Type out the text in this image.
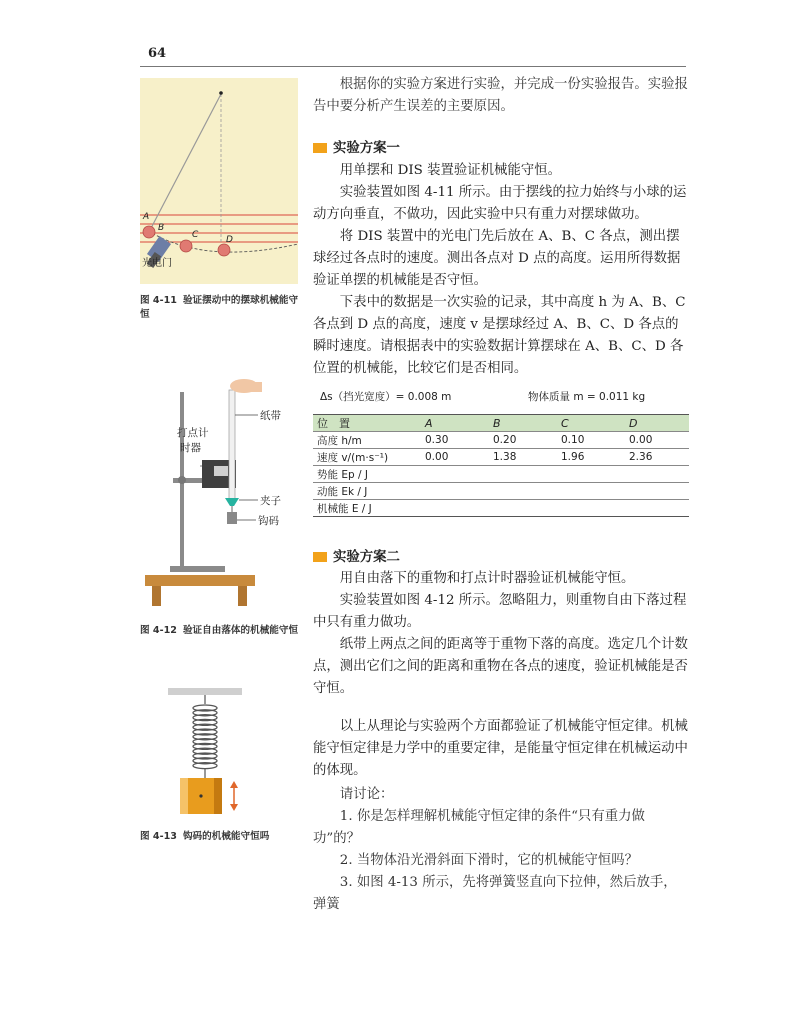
64
A
B
C	D
光电门
图 4-11 验证摆动中的摆球机械能守恒
打点计
时器
纸带
夹子
钩码
图 4-12 验证自由落体的机械能守恒
图 4-13 钩码的机械能守恒吗
根据你的实验方案进行实验，并完成一份实验报告。实验报告中要分析产生误差的主要原因。
实验方案一
用单摆和 DIS 装置验证机械能守恒。
实验装置如图 4-11 所示。由于摆线的拉力始终与小球的运动方向垂直，不做功，因此实验中只有重力对摆球做功。
将 DIS 装置中的光电门先后放在 A、B、C 各点，测出摆球经过各点时的速度。测出各点对 D 点的高度。运用所得数据验证单摆的机械能是否守恒。
下表中的数据是一次实验的记录，其中高度 h 为 A、B、C 各点到 D 点的高度，速度 v 是摆球经过 A、B、C、D 各点的瞬时速度。请根据表中的实验数据计算摆球在 A、B、C、D 各位置的机械能，比较它们是否相同。
Δs（挡光宽度）= 0.008 m	物体质量 m = 0.011 kg
位　置	A	B	C	D
高度 h/m	0.30	0.20	0.10	0.00
速度 v/(m·s⁻¹)	0.00	1.38	1.96	2.36
势能 Ep / J				
动能 Ek / J				
机械能 E / J				
实验方案二
用自由落下的重物和打点计时器验证机械能守恒。
实验装置如图 4-12 所示。忽略阻力，则重物自由下落过程中只有重力做功。
纸带上两点之间的距离等于重物下落的高度。选定几个计数点，测出它们之间的距离和重物在各点的速度，验证机械能是否守恒。
以上从理论与实验两个方面都验证了机械能守恒定律。机械能守恒定律是力学中的重要定律，是能量守恒定律在机械运动中的体现。
请讨论：
1. 你是怎样理解机械能守恒定律的条件“只有重力做功”的？
2. 当物体沿光滑斜面下滑时，它的机械能守恒吗？
3. 如图 4-13 所示，先将弹簧竖直向下拉伸，然后放手，弹簧
